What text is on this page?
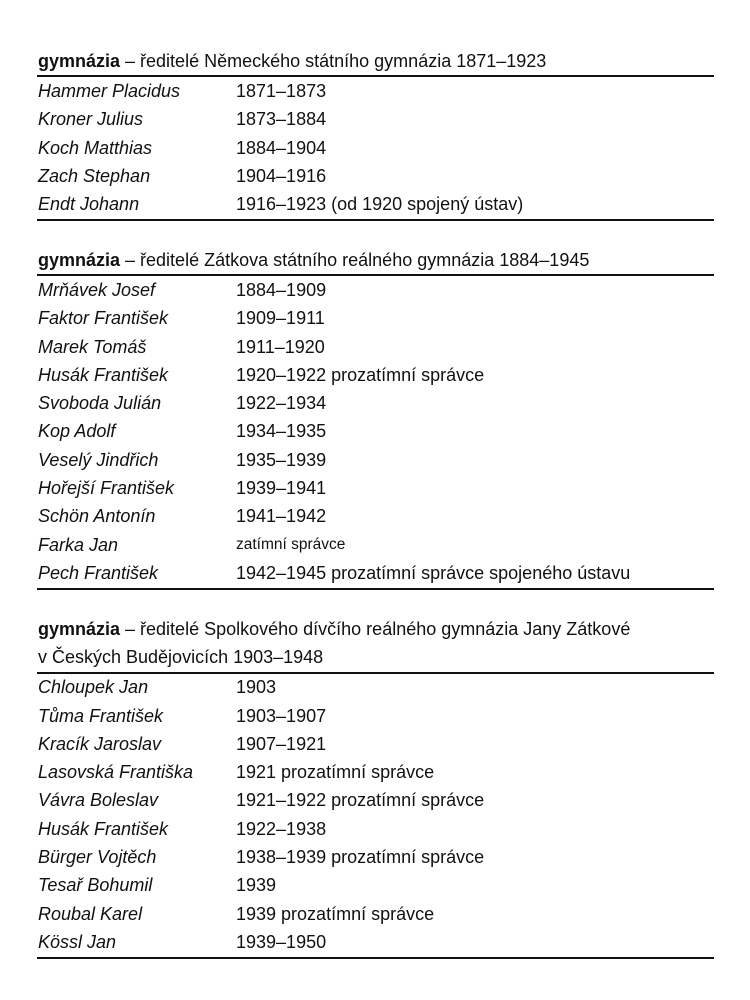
gymnázia – ředitelé Německého státního gymnázia 1871–1923
Hammer Placidus	1871–1873
Kroner Julius	1873–1884
Koch Matthias	1884–1904
Zach Stephan	1904–1916
Endt Johann	1916–1923 (od 1920 spojený ústav)
gymnázia – ředitelé Zátkova státního reálného gymnázia 1884–1945
Mrňávek Josef	1884–1909
Faktor František	1909–1911
Marek Tomáš	1911–1920
Husák František	1920–1922 prozatímní správce
Svoboda Julián	1922–1934
Kop Adolf	1934–1935
Veselý Jindřich	1935–1939
Hořejší František	1939–1941
Schön Antonín	1941–1942
Farka Jan	zatímní správce
Pech František	1942–1945 prozatímní správce spojeného ústavu
gymnázia – ředitelé Spolkového dívčího reálného gymnázia Jany Zátkové
v Českých Budějovicích 1903–1948
Chloupek Jan	1903
Tůma František	1903–1907
Kracík Jaroslav	1907–1921
Lasovská Františka	1921 prozatímní správce
Vávra Boleslav	1921–1922 prozatímní správce
Husák František	1922–1938
Bürger Vojtěch	1938–1939 prozatímní správce
Tesař Bohumil	1939
Roubal Karel	1939 prozatímní správce
Kössl Jan	1939–1950
